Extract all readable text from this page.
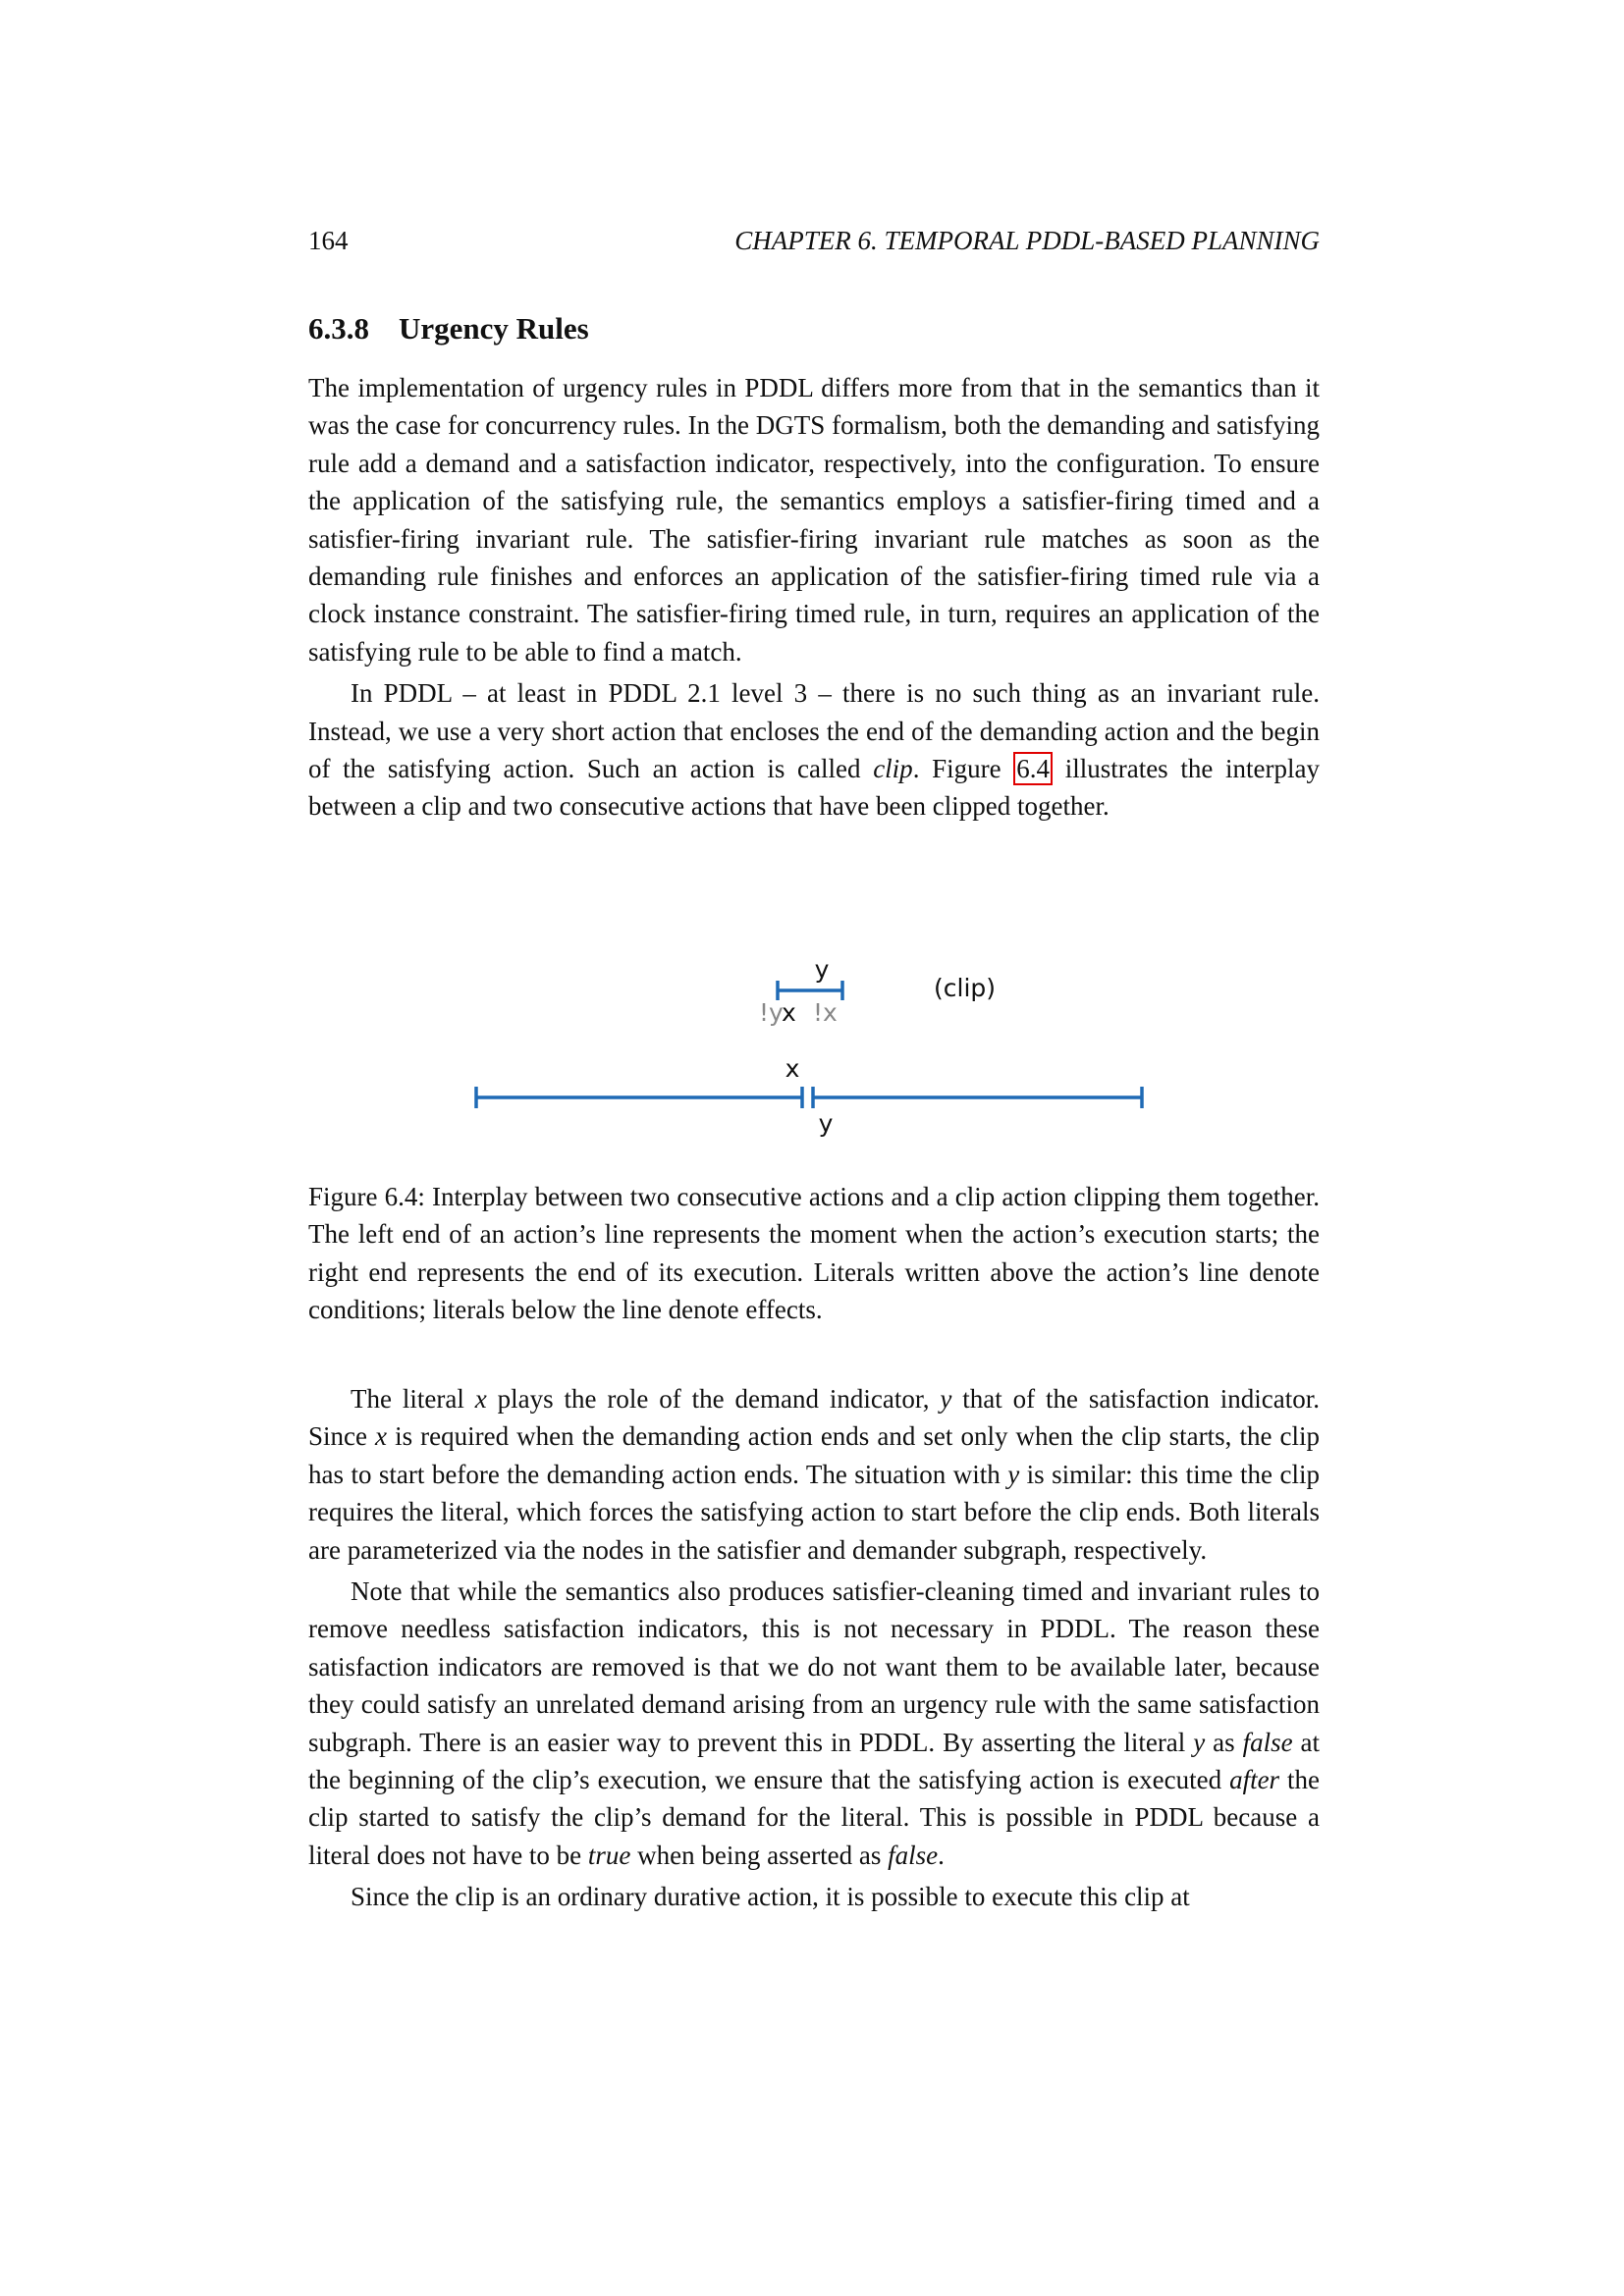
164	CHAPTER 6. TEMPORAL PDDL-BASED PLANNING
6.3.8 Urgency Rules

The implementation of urgency rules in PDDL differs more from that in the semantics than it was the case for concurrency rules. In the DGTS formalism, both the demanding and satisfying rule add a demand and a satisfaction indicator, respectively, into the configuration. To ensure the application of the satisfying rule, the semantics employs a satisfier-firing timed and a satisfier-firing invariant rule. The satisfier-firing invariant rule matches as soon as the demanding rule finishes and enforces an application of the satisfier-firing timed rule via a clock instance constraint. The satisfier-firing timed rule, in turn, requires an application of the satisfying rule to be able to find a match.

In PDDL – at least in PDDL 2.1 level 3 – there is no such thing as an invariant rule. Instead, we use a very short action that encloses the end of the demanding action and the begin of the satisfying action. Such an action is called clip. Figure 6.4 illustrates the interplay between a clip and two consecutive actions that have been clipped together.

y
!y
x !x
(clip)
x
y

Figure 6.4: Interplay between two consecutive actions and a clip action clipping them together. The left end of an action’s line represents the moment when the action’s execution starts; the right end represents the end of its execution. Literals written above the action’s line denote conditions; literals below the line denote effects.

The literal x plays the role of the demand indicator, y that of the satisfaction indicator. Since x is required when the demanding action ends and set only when the clip starts, the clip has to start before the demanding action ends. The situation with y is similar: this time the clip requires the literal, which forces the satisfying action to start before the clip ends. Both literals are parameterized via the nodes in the satisfier and demander subgraph, respectively.

Note that while the semantics also produces satisfier-cleaning timed and invariant rules to remove needless satisfaction indicators, this is not necessary in PDDL. The reason these satisfaction indicators are removed is that we do not want them to be available later, because they could satisfy an unrelated demand arising from an urgency rule with the same satisfaction subgraph. There is an easier way to prevent this in PDDL. By asserting the literal y as false at the beginning of the clip’s execution, we ensure that the satisfying action is executed after the clip started to satisfy the clip’s demand for the literal. This is possible in PDDL because a literal does not have to be true when being asserted as false.

Since the clip is an ordinary durative action, it is possible to execute this clip at
